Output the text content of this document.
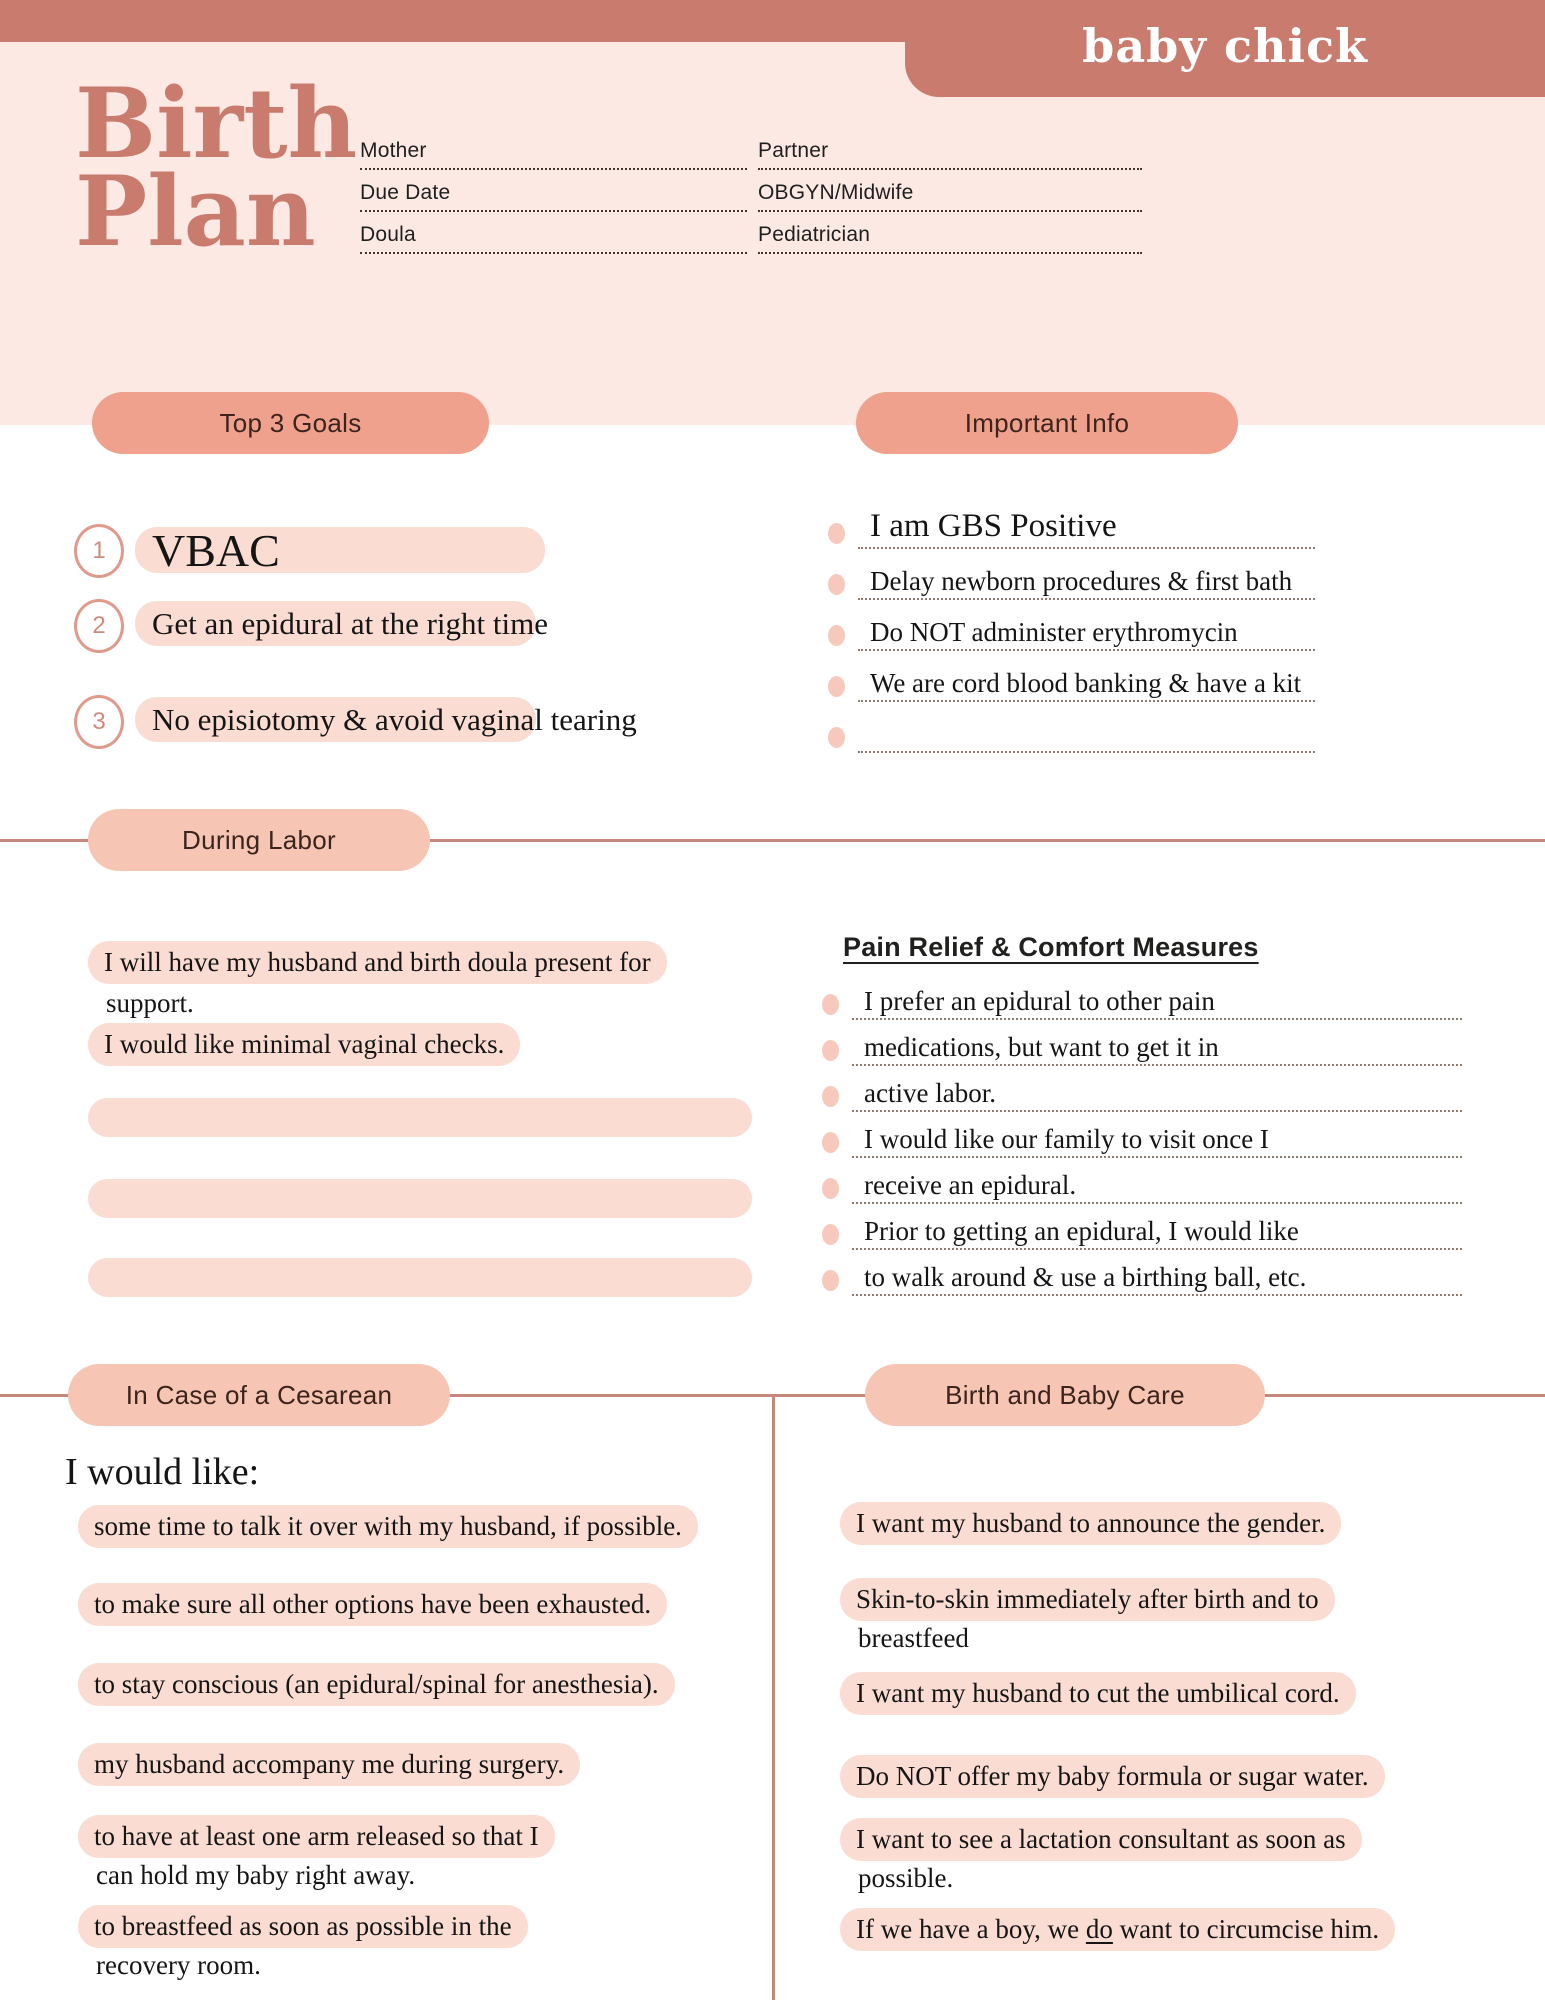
baby chick
Birth
Plan
Mother
Due Date
Doula
Partner
OBGYN/Midwife
Pediatrician
Top 3 Goals	Important Info
1 VBAC
2 Get an epidural at the right time
3 No episiotomy & avoid vaginal tearing
I am GBS Positive
Delay newborn procedures & first bath
Do NOT administer erythromycin
We are cord blood banking & have a kit
During Labor
I will have my husband and birth doula present for
support.
I would like minimal vaginal checks.
Pain Relief & Comfort Measures
I prefer an epidural to other pain
medications, but want to get it in
active labor.
I would like our family to visit once I
receive an epidural.
Prior to getting an epidural, I would like
to walk around & use a birthing ball, etc.
In Case of a Cesarean	Birth and Baby Care
I would like:
some time to talk it over with my husband, if possible.
to make sure all other options have been exhausted.
to stay conscious (an epidural/spinal for anesthesia).
my husband accompany me during surgery.
to have at least one arm released so that I
can hold my baby right away.
to breastfeed as soon as possible in the
recovery room.
I want my husband to announce the gender.
Skin-to-skin immediately after birth and to
breastfeed
I want my husband to cut the umbilical cord.
Do NOT offer my baby formula or sugar water.
I want to see a lactation consultant as soon as
possible.
If we have a boy, we do want to circumcise him.
